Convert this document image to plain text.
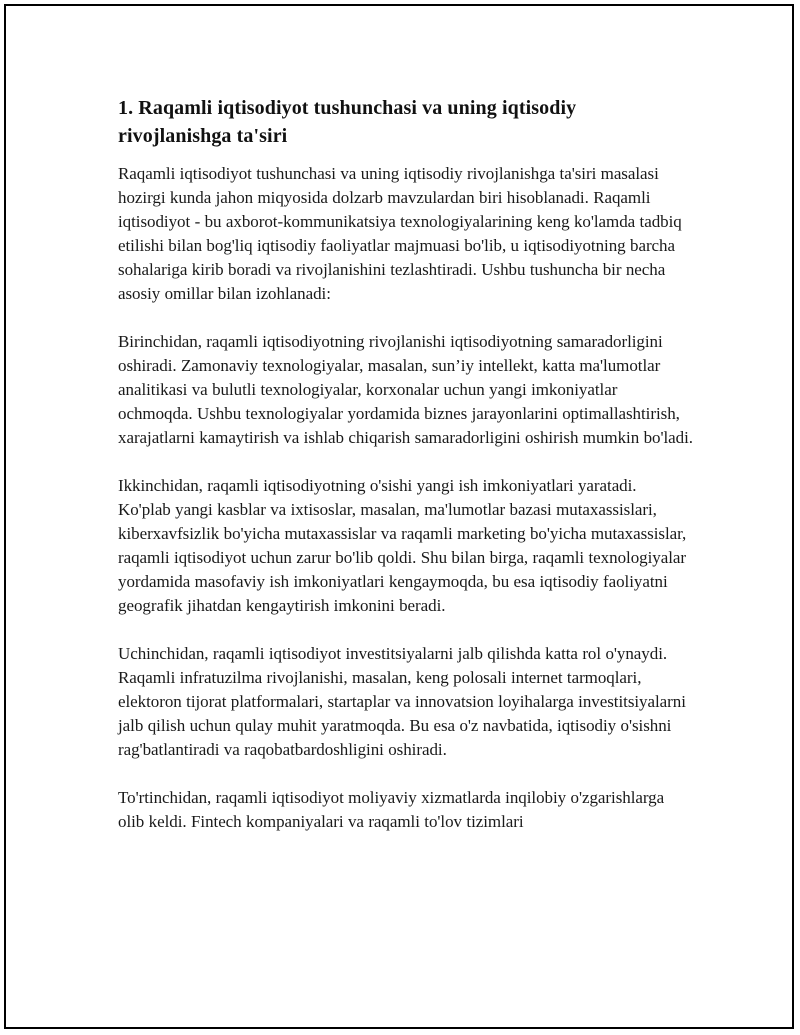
1. Raqamli iqtisodiyot tushunchasi va uning iqtisodiy rivojlanishga ta'siri

Raqamli iqtisodiyot tushunchasi va uning iqtisodiy rivojlanishga ta'siri masalasi hozirgi kunda jahon miqyosida dolzarb mavzulardan biri hisoblanadi. Raqamli iqtisodiyot - bu axborot-kommunikatsiya texnologiyalarining keng ko'lamda tadbiq etilishi bilan bog'liq iqtisodiy faoliyatlar majmuasi bo'lib, u iqtisodiyotning barcha sohalariga kirib boradi va rivojlanishini tezlashtiradi. Ushbu tushuncha bir necha asosiy omillar bilan izohlanadi:

Birinchidan, raqamli iqtisodiyotning rivojlanishi iqtisodiyotning samaradorligini oshiradi. Zamonaviy texnologiyalar, masalan, sun’iy intellekt, katta ma'lumotlar analitikasi va bulutli texnologiyalar, korxonalar uchun yangi imkoniyatlar ochmoqda. Ushbu texnologiyalar yordamida biznes jarayonlarini optimallashtirish, xarajatlarni kamaytirish va ishlab chiqarish samaradorligini oshirish mumkin bo'ladi.

Ikkinchidan, raqamli iqtisodiyotning o'sishi yangi ish imkoniyatlari yaratadi. Ko'plab yangi kasblar va ixtisoslar, masalan, ma'lumotlar bazasi mutaxassislari, kiberxavfsizlik bo'yicha mutaxassislar va raqamli marketing bo'yicha mutaxassislar, raqamli iqtisodiyot uchun zarur bo'lib qoldi. Shu bilan birga, raqamli texnologiyalar yordamida masofaviy ish imkoniyatlari kengaymoqda, bu esa iqtisodiy faoliyatni geografik jihatdan kengaytirish imkonini beradi.

Uchinchidan, raqamli iqtisodiyot investitsiyalarni jalb qilishda katta rol o'ynaydi. Raqamli infratuzilma rivojlanishi, masalan, keng polosali internet tarmoqlari, elektoron tijorat platformalari, startaplar va innovatsion loyihalarga investitsiyalarni jalb qilish uchun qulay muhit yaratmoqda. Bu esa o'z navbatida, iqtisodiy o'sishni rag'batlantiradi va raqobatbardoshligini oshiradi.

To'rtinchidan, raqamli iqtisodiyot moliyaviy xizmatlarda inqilobiy o'zgarishlarga olib keldi. Fintech kompaniyalari va raqamli to'lov tizimlari
